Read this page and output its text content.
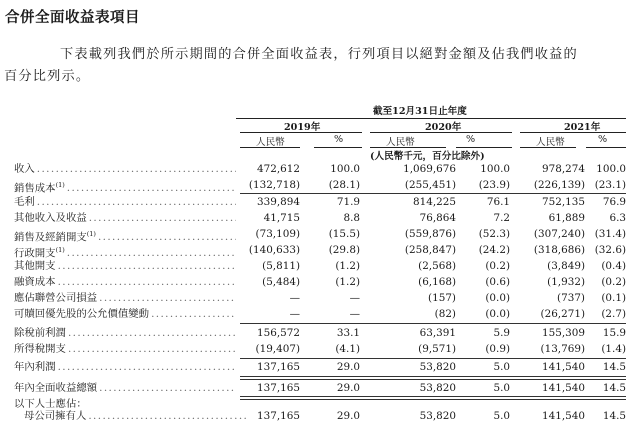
合併全面收益表項目
下表載列我們於所示期間的合併全面收益表，行列項目以絕對金額及佔我們收益的
百分比列示。
截至12月31日止年度
2019年	2020年	2021年
人民幣	%	人民幣	%	人民幣	%
(人民幣千元，百分比除外)
收入 .....	472,612	100.0	1,069,676	100.0	978,274	100.0
銷售成本$^{(1)}$ .....	(132,718)	(28.1)	(255,451)	(23.9)	(226,139) (23.1)
毛利 .....	339,894	71.9	814,225	76.1	752,135	76.9
其他收入及收益 .....	41,715	8.8	76,864	7.2	61,889	6.3
銷售及經銷開支$^{(1)}$ .....	(73,109)	(15.5)	(559,876)	(52.3)	(307,240) (31.4)
行政開支$^{(1)}$ .....	(140,633)	(29.8)	(258,847)	(24.2)	(318,686) (32.6)
其他開支 .....	(5,811)	(1.2)	(2,568)	(0.2)	(3,849)	(0.4)
融資成本 .....	(5,484)	(1.2)	(6,168)	(0.6)	(1,932)	(0.2)
應佔聯營公司損益 .....	—	—	(157)	(0.0)	(737)	(0.1)
可贖回優先股的公允價值變動 .....	—	—	(82)	(0.0)	(26,271)	(2.7)
除稅前利潤 .....	156,572	33.1	63,391	5.9	155,309	15.9
所得稅開支 .....	(19,407)	(4.1)	(9,571)	(0.9)	(13,769)	(1.4)
年內利潤 .....	137,165	29.0	53,820	5.0	141,540	14.5
年內全面收益總額 .....	137,165	29.0	53,820	5.0	141,540	14.5
以下人士應佔：
母公司擁有人 .....	137,165	29.0	53,820	5.0	141,540	14.5
